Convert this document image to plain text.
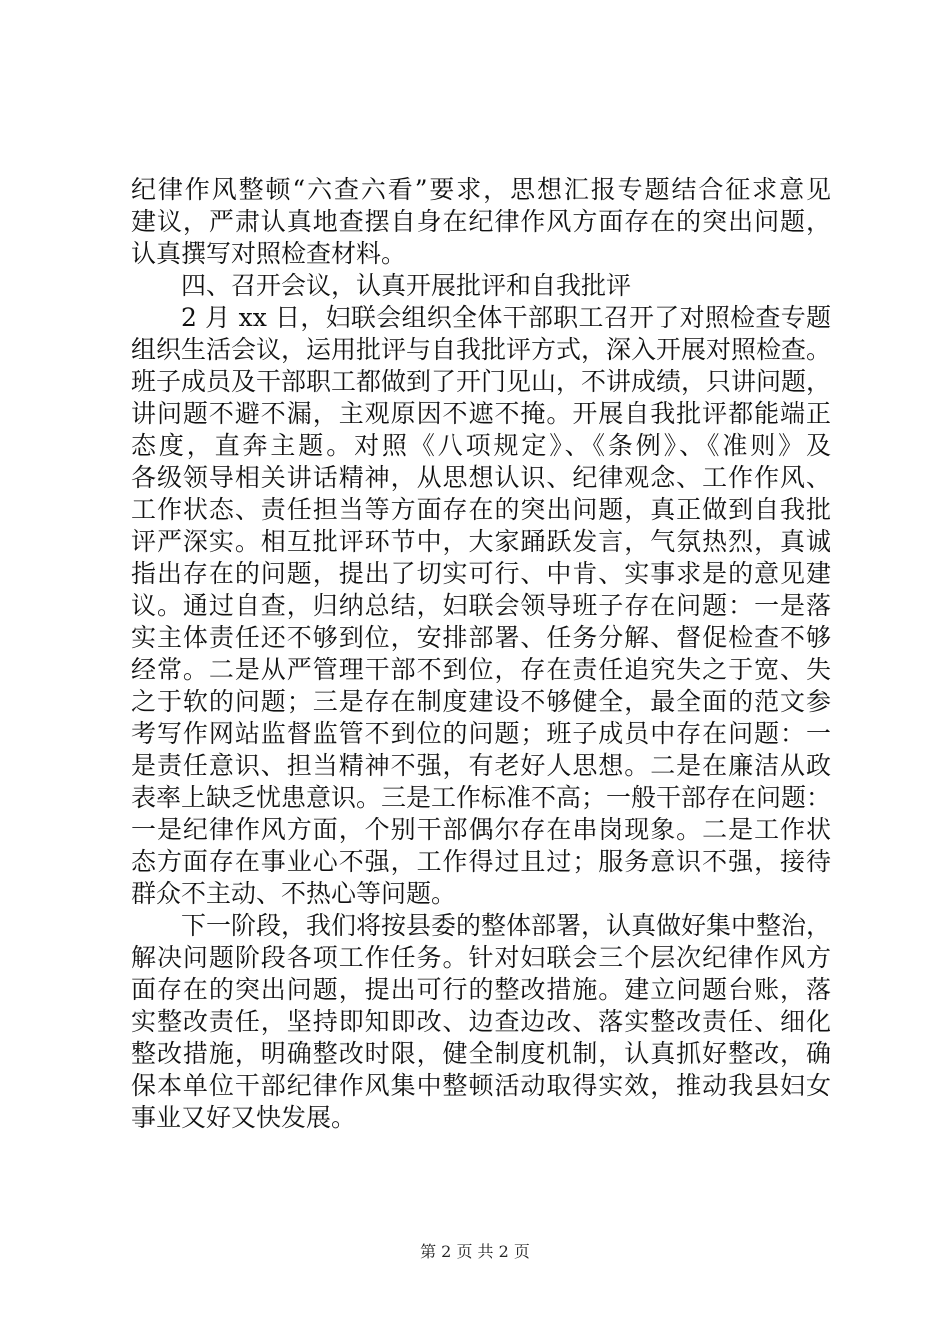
纪律作风整顿“六查六看”要求，思想汇报专题结合征求意见
建议，严肃认真地查摆自身在纪律作风方面存在的突出问题，
认真撰写对照检查材料。
四、召开会议，认真开展批评和自我批评
2 月 xx 日，妇联会组织全体干部职工召开了对照检查专题
组织生活会议，运用批评与自我批评方式，深入开展对照检查。
班子成员及干部职工都做到了开门见山，不讲成绩，只讲问题，
讲问题不避不漏，主观原因不遮不掩。开展自我批评都能端正
态度，直奔主题。对照《八项规定》、《条例》、《准则》及
各级领导相关讲话精神，从思想认识、纪律观念、工作作风、
工作状态、责任担当等方面存在的突出问题，真正做到自我批
评严深实。相互批评环节中，大家踊跃发言，气氛热烈，真诚
指出存在的问题，提出了切实可行、中肯、实事求是的意见建
议。通过自查，归纳总结，妇联会领导班子存在问题：一是落
实主体责任还不够到位，安排部署、任务分解、督促检查不够
经常。二是从严管理干部不到位，存在责任追究失之于宽、失
之于软的问题；三是存在制度建设不够健全，最全面的范文参
考写作网站监督监管不到位的问题；班子成员中存在问题：一
是责任意识、担当精神不强，有老好人思想。二是在廉洁从政
表率上缺乏忧患意识。三是工作标准不高；一般干部存在问题：
一是纪律作风方面，个别干部偶尔存在串岗现象。二是工作状
态方面存在事业心不强，工作得过且过；服务意识不强，接待
群众不主动、不热心等问题。
下一阶段，我们将按县委的整体部署，认真做好集中整治，
解决问题阶段各项工作任务。针对妇联会三个层次纪律作风方
面存在的突出问题，提出可行的整改措施。建立问题台账，落
实整改责任，坚持即知即改、边查边改、落实整改责任、细化
整改措施，明确整改时限，健全制度机制，认真抓好整改，确
保本单位干部纪律作风集中整顿活动取得实效，推动我县妇女
事业又好又快发展。
第 2 页 共 2 页
